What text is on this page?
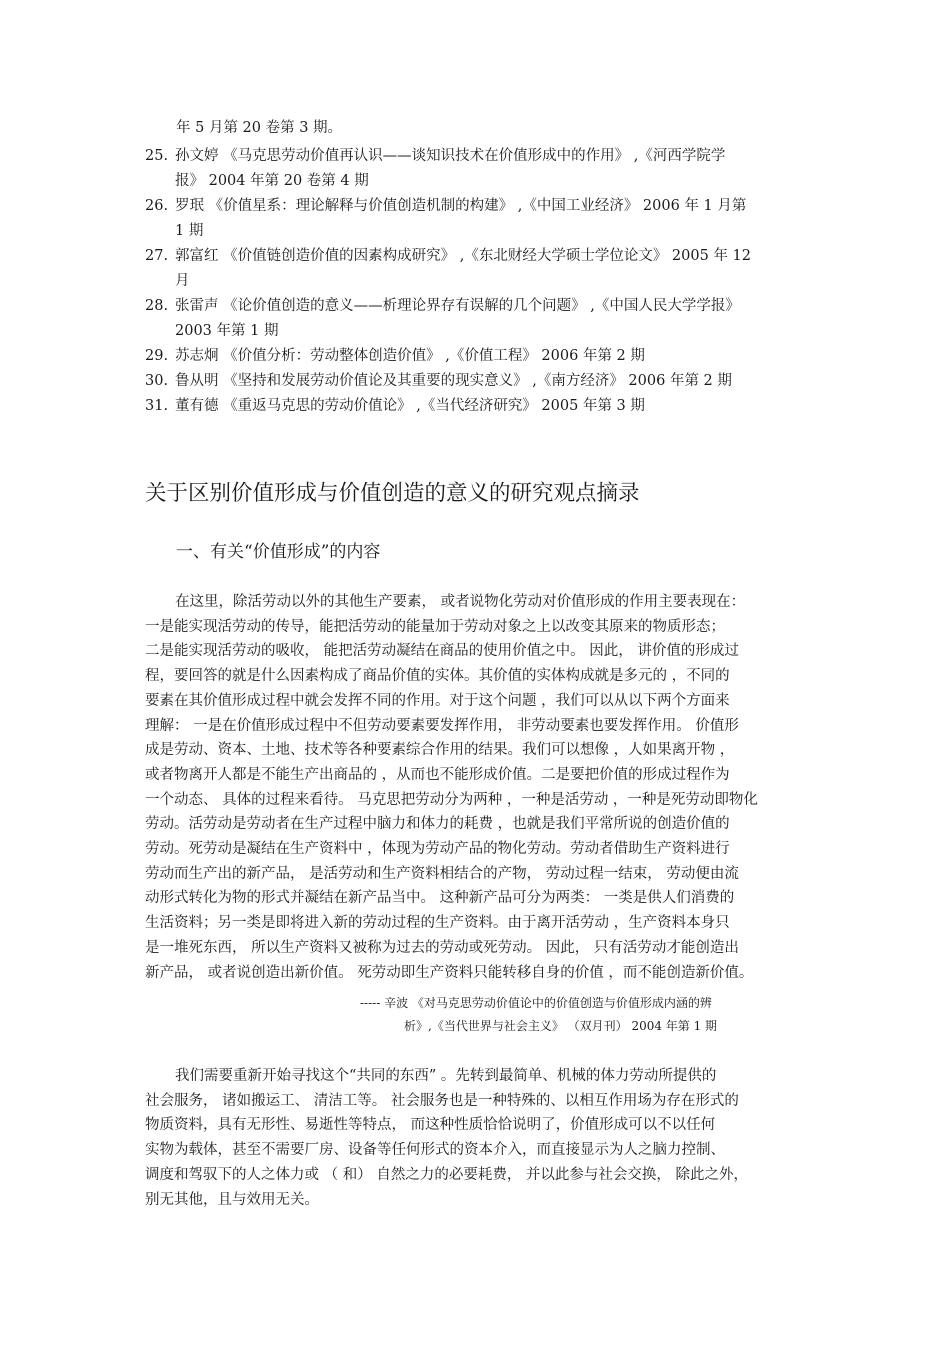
年 5 月第 20 卷第 3 期。
25. 孙文婷 《马克思劳动价值再认识——谈知识技术在价值形成中的作用》 ,《河西学院学
报》 2004 年第 20 卷第 4 期
26. 罗珉 《价值星系：理论解释与价值创造机制的构建》 ,《中国工业经济》 2006 年 1 月第
1 期
27. 郭富红 《价值链创造价值的因素构成研究》 ,《东北财经大学硕士学位论文》 2005 年 12
月
28. 张雷声 《论价值创造的意义——析理论界存有误解的几个问题》 ,《中国人民大学学报》
2003 年第 1 期
29. 苏志炯 《价值分析：劳动整体创造价值》 ,《价值工程》 2006 年第 2 期
30. 鲁从明 《坚持和发展劳动价值论及其重要的现实意义》 ,《南方经济》 2006 年第 2 期
31. 董有德 《重返马克思的劳动价值论》 ,《当代经济研究》 2005 年第 3 期
关于区别价值形成与价值创造的意义的研究观点摘录
一、有关“价值形成”的内容
在这里，除活劳动以外的其他生产要素， 或者说物化劳动对价值形成的作用主要表现在：
一是能实现活劳动的传导，能把活劳动的能量加于劳动对象之上以改变其原来的物质形态；
二是能实现活劳动的吸收， 能把活劳动凝结在商品的使用价值之中。 因此， 讲价值的形成过
程，要回答的就是什么因素构成了商品价值的实体。其价值的实体构成就是多元的 ，不同的
要素在其价值形成过程中就会发挥不同的作用。对于这个问题 ，我们可以从以下两个方面来
理解： 一是在价值形成过程中不但劳动要素要发挥作用， 非劳动要素也要发挥作用。 价值形
成是劳动、资本、土地、技术等各种要素综合作用的结果。我们可以想像 ，人如果离开物 ，
或者物离开人都是不能生产出商品的 ，从而也不能形成价值。二是要把价值的形成过程作为
一个动态、 具体的过程来看待。 马克思把劳动分为两种 ，一种是活劳动 ，一种是死劳动即物化
劳动。活劳动是劳动者在生产过程中脑力和体力的耗费 ，也就是我们平常所说的创造价值的
劳动。死劳动是凝结在生产资料中 ，体现为劳动产品的物化劳动。劳动者借助生产资料进行
劳动而生产出的新产品， 是活劳动和生产资料相结合的产物， 劳动过程一结束， 劳动便由流
动形式转化为物的形式并凝结在新产品当中。 这种新产品可分为两类： 一类是供人们消费的
生活资料；另一类是即将进入新的劳动过程的生产资料。由于离开活劳动 ，生产资料本身只
是一堆死东西， 所以生产资料又被称为过去的劳动或死劳动。 因此， 只有活劳动才能创造出
新产品， 或者说创造出新价值。 死劳动即生产资料只能转移自身的价值 ，而不能创造新价值。
----- 辛波 《对马克思劳动价值论中的价值创造与价值形成内涵的辨
析》,《当代世界与社会主义》 （双月刊） 2004 年第 1 期
我们需要重新开始寻找这个“共同的东西” 。先转到最简单、机械的体力劳动所提供的
社会服务， 诸如搬运工、 清洁工等。 社会服务也是一种特殊的、以相互作用场为存在形式的
物质资料，具有无形性、易逝性等特点， 而这种性质恰恰说明了，价值形成可以不以任何
实物为载体，甚至不需要厂房、设备等任何形式的资本介入，而直接显示为人之脑力控制、
调度和驾驭下的人之体力或 （ 和） 自然之力的必要耗费， 并以此参与社会交换， 除此之外，
别无其他，且与效用无关。
